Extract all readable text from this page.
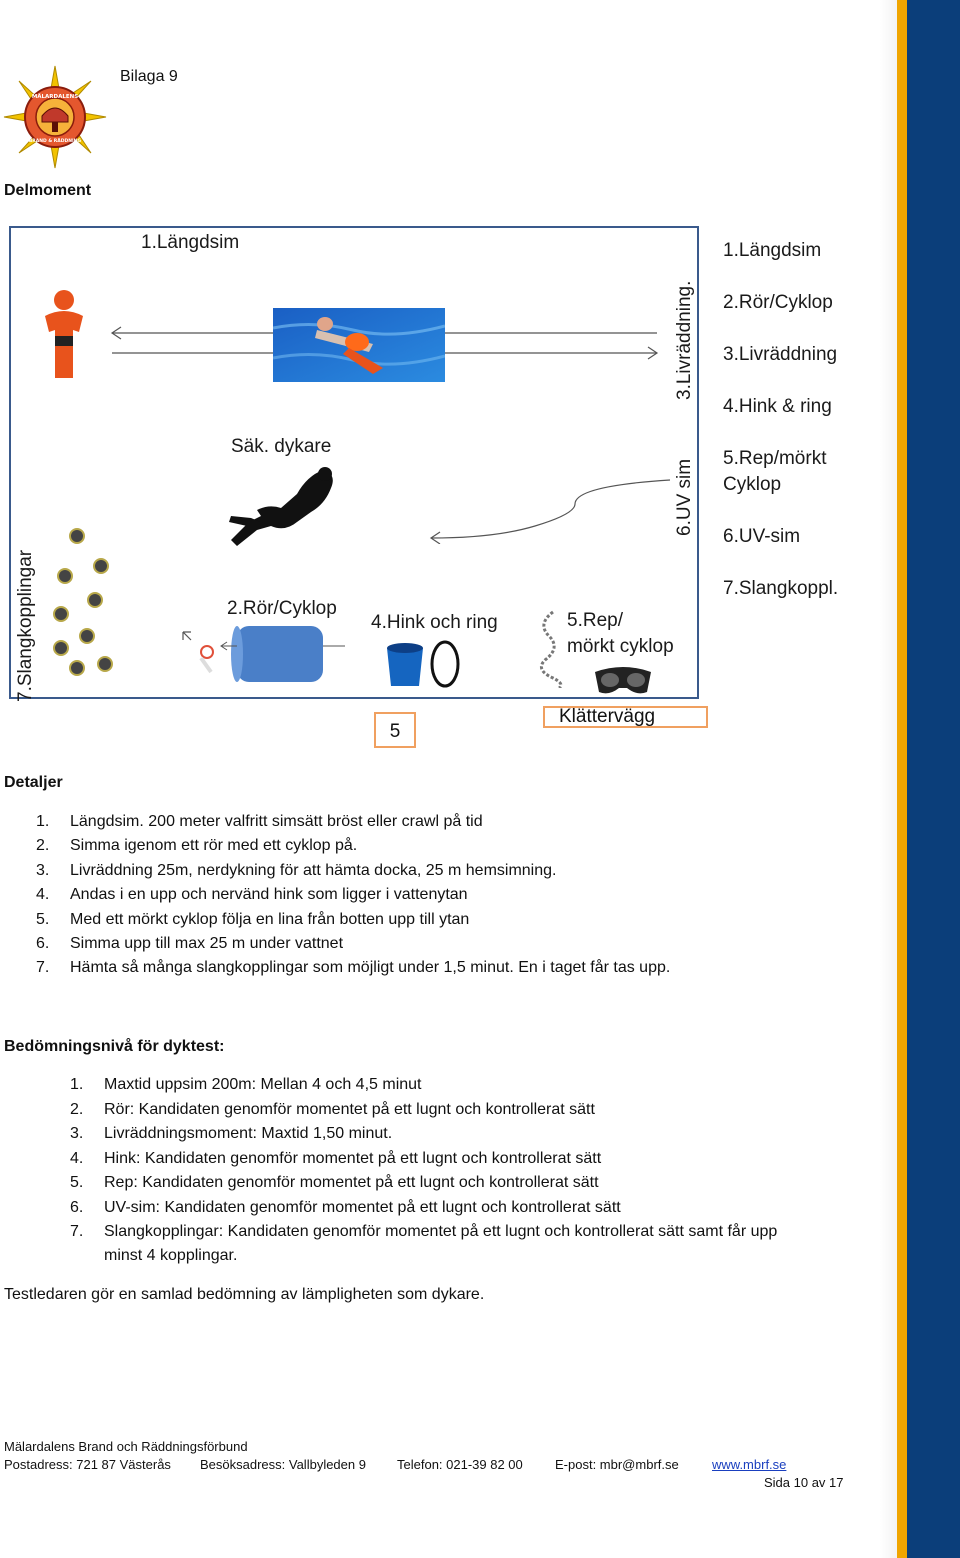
MÄLARDALENS
BRAND & RÄDDNING
Bilaga 9
Delmoment
1.Längdsim
3.Livräddning.
6.UV sim
Säk. dykare
7.Slangkopplingar	2.Rör/Cyklop
4.Hink och ring	5.Rep/
mörkt cyklop
1.Längdsim
2.Rör/Cyklop
3.Livräddning
4.Hink & ring
5.Rep/mörkt
Cyklop
6.UV-sim
7.Slangkoppl.
5
Klättervägg
Detaljer
1. Längdsim. 200 meter valfritt simsätt bröst eller crawl på tid
2. Simma igenom ett rör med ett cyklop på.
3. Livräddning 25m, nerdykning för att hämta docka, 25 m hemsimning.
4. Andas i en upp och nervänd hink som ligger i vattenytan
5. Med ett mörkt cyklop följa en lina från botten upp till ytan
6. Simma upp till max 25 m under vattnet
7. Hämta så många slangkopplingar som möjligt under 1,5 minut. En i taget får tas upp.
Bedömningsnivå för dyktest:
1. Maxtid uppsim 200m: Mellan 4 och 4,5 minut
2. Rör: Kandidaten genomför momentet på ett lugnt och kontrollerat sätt
3. Livräddningsmoment: Maxtid 1,50 minut.
4. Hink: Kandidaten genomför momentet på ett lugnt och kontrollerat sätt
5. Rep: Kandidaten genomför momentet på ett lugnt och kontrollerat sätt
6. UV-sim: Kandidaten genomför momentet på ett lugnt och kontrollerat sätt
7. Slangkopplingar: Kandidaten genomför momentet på ett lugnt och kontrollerat sätt samt får upp
minst 4 kopplingar.
Testledaren gör en samlad bedömning av lämpligheten som dykare.
Mälardalens Brand och Räddningsförbund
Postadress: 721 87 Västerås Besöksadress: Vallbyleden 9 Telefon: 021-39 82 00 E-post: mbr@mbrf.se	www.mbrf.se
Sida 10 av 17
